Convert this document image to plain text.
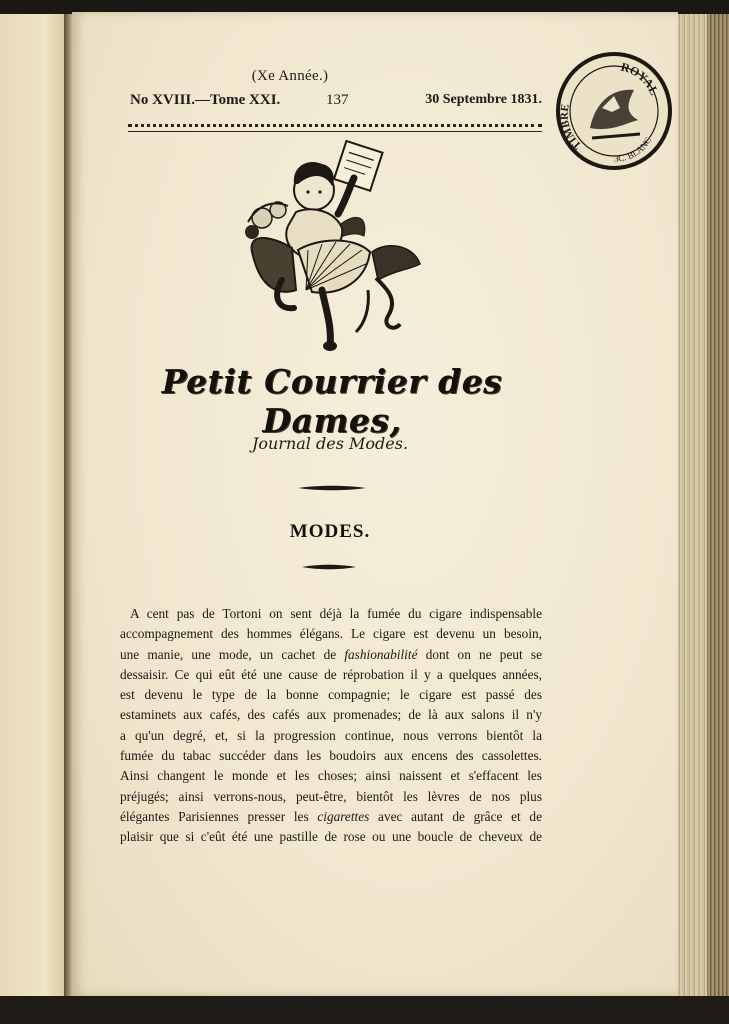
(Xe Année.)
No XVIII.—Tome XXI.	137	30 Septembre 1831.
ROYAL
TIMBRE
3C. BLANC
Petit Courrier des Dames,
Journal des Modes.
MODES.
A cent pas de Tortoni on sent déjà la fumée du cigare indispensable
accompagnement des hommes élégans. Le cigare est devenu un besoin,
une manie, une mode, un cachet de fashionabilité dont on ne peut se
dessaisir. Ce qui eût été une cause de réprobation il y a quelques années,
est devenu le type de la bonne compagnie; le cigare est passé des
estaminets aux cafés, des cafés aux promenades; de là aux salons il n'y
a qu'un degré, et, si la progression continue, nous verrons bientôt la
fumée du tabac succéder dans les boudoirs aux encens des cassolettes.
Ainsi changent le monde et les choses; ainsi naissent et s'effacent les
préjugés; ainsi verrons-nous, peut-être, bientôt les lèvres de nos plus
élégantes Parisiennes presser les cigarettes avec autant de grâce et de
plaisir que si c'eût été une pastille de rose ou une boucle de cheveux de
